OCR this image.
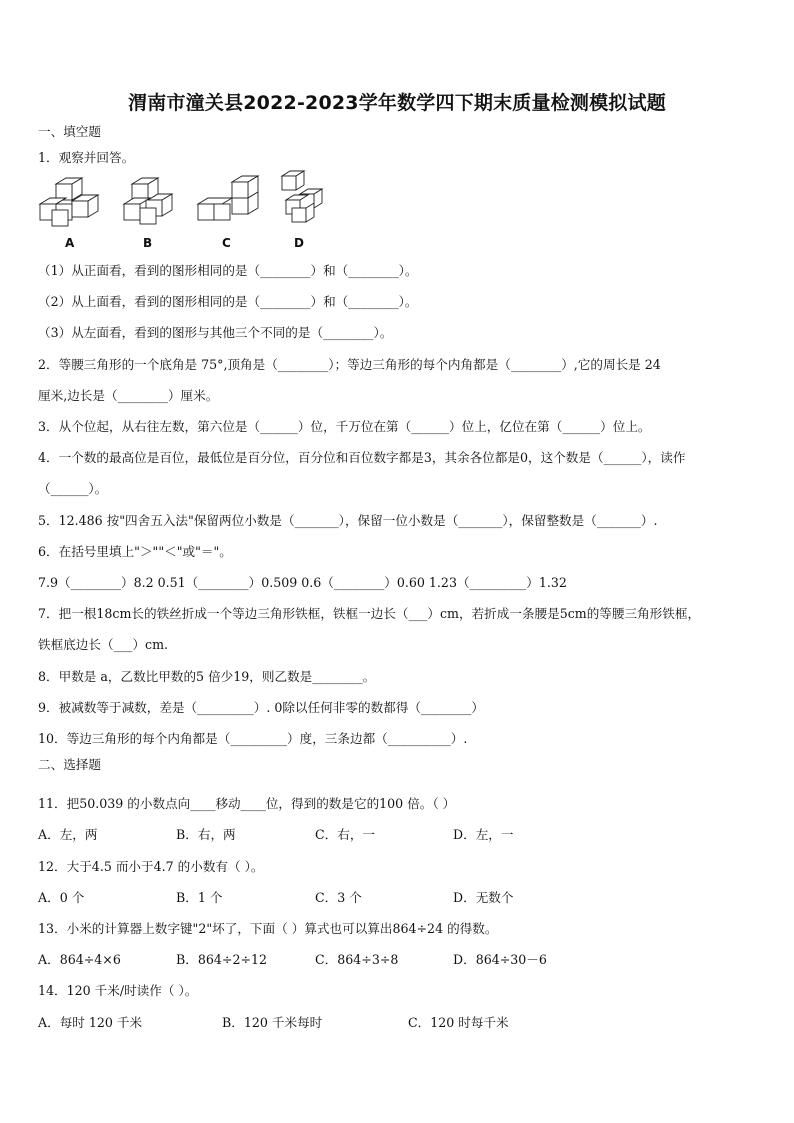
渭南市潼关县2022-2023学年数学四下期末质量检测模拟试题
一、填空题
1．观察并回答。
A	B	C	D
（1）从正面看，看到的图形相同的是（________）和（________）。
（2）从上面看，看到的图形相同的是（________）和（________）。
（3）从左面看，看到的图形与其他三个不同的是（________）。
2．等腰三角形的一个底角是 75°,顶角是（________）；等边三角形的每个内角都是（________）,它的周长是 24
厘米,边长是（________）厘米。
3．从个位起，从右往左数，第六位是（______）位，千万位在第（______）位上，亿位在第（______）位上。
4．一个数的最高位是百位，最低位是百分位，百分位和百位数字都是3，其余各位都是0，这个数是（______），读作
（______）。
5．12.486 按"四舍五入法"保留两位小数是（_______），保留一位小数是（_______），保留整数是（_______）.
6．在括号里填上"＞""＜"或"＝"。
7.9（________）8.2 0.51（________）0.509 0.6（________）0.60 1.23（_________）1.32
7．把一根18cm长的铁丝折成一个等边三角形铁框，铁框一边长（___）cm，若折成一条腰是5cm的等腰三角形铁框，
铁框底边长（___）cm.
8．甲数是 a，乙数比甲数的5 倍少19，则乙数是________。
9．被减数等于减数，差是（_________）. 0除以任何非零的数都得（________）
10．等边三角形的每个内角都是（_________）度，三条边都（__________）.
二、选择题
11．把50.039 的小数点向____移动____位，得到的数是它的100 倍。（ ）
A．左，两	B．右，两	C．右，一	D．左，一
12．大于4.5 而小于4.7 的小数有（ ）。
A．0 个	B．1 个	C．3 个	D．无数个
13．小米的计算器上数字键"2"坏了，下面（ ）算式也可以算出864÷24 的得数。
A．864÷4×6	B．864÷2÷12	C．864÷3÷8	D．864÷30－6
14．120 千米/时读作（ ）。
A．每时 120 千米	B．120 千米每时	C．120 时每千米
